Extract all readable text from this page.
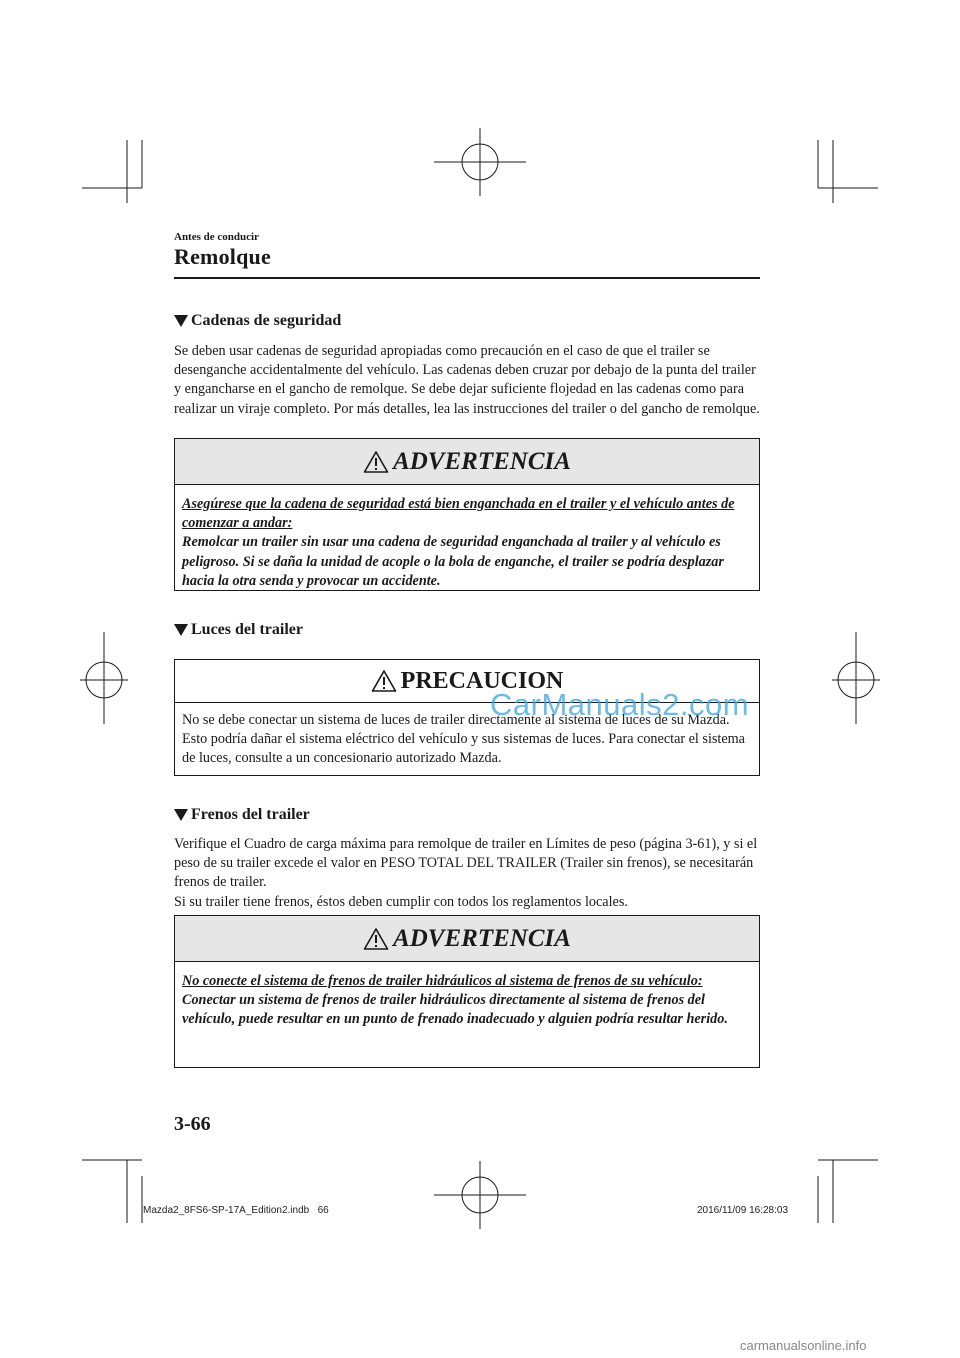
Antes de conducir
Remolque
Cadenas de seguridad

Se deben usar cadenas de seguridad apropiadas como precaución en el caso de que el trailer se desenganche accidentalmente del vehículo. Las cadenas deben cruzar por debajo de la punta del trailer y engancharse en el gancho de remolque. Se debe dejar suficiente flojedad en las cadenas como para realizar un viraje completo. Por más detalles, lea las instrucciones del trailer o del gancho de remolque.

ADVERTENCIA
Asegúrese que la cadena de seguridad está bien enganchada en el trailer y el vehículo antes de comenzar a andar:
Remolcar un trailer sin usar una cadena de seguridad enganchada al trailer y al vehículo es peligroso. Si se daña la unidad de acople o la bola de enganche, el trailer se podría desplazar hacia la otra senda y provocar un accidente.
Luces del trailer
PRECAUCION
No se debe conectar un sistema de luces de trailer directamente al sistema de luces de su Mazda. Esto podría dañar el sistema eléctrico del vehículo y sus sistemas de luces. Para conectar el sistema de luces, consulte a un concesionario autorizado Mazda.
Frenos del trailer

Verifique el Cuadro de carga máxima para remolque de trailer en Límites de peso (página 3-61), y si el peso de su trailer excede el valor en PESO TOTAL DEL TRAILER (Trailer sin frenos), se necesitarán frenos de trailer.
Si su trailer tiene frenos, éstos deben cumplir con todos los reglamentos locales.

ADVERTENCIA
No conecte el sistema de frenos de trailer hidráulicos al sistema de frenos de su vehículo:
Conectar un sistema de frenos de trailer hidráulicos directamente al sistema de frenos del vehículo, puede resultar en un punto de frenado inadecuado y alguien podría resultar herido.
3-66
CarManuals2.com
Mazda2_8FS6-SP-17A_Edition2.indb 66	2016/11/09 16:28:03
carmanualsonline.info
